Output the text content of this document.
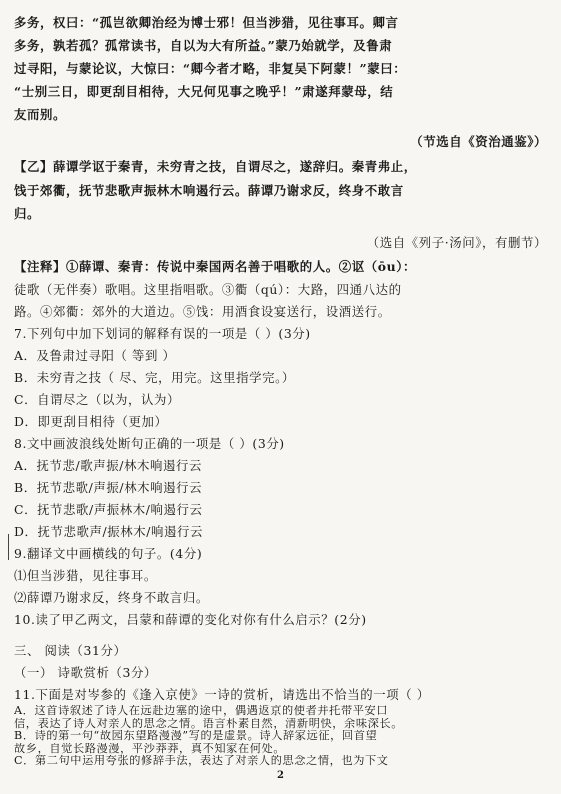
多务，权曰：“孤岂欲卿治经为博士邪！但当涉猎，见往事耳。卿言
多务，孰若孤？孤常读书，自以为大有所益。”蒙乃始就学，及鲁肃
过寻阳，与蒙论议，大惊曰：“卿今者才略，非复吴下阿蒙！”蒙曰：
“士别三日，即更刮目相待，大兄何见事之晚乎！”肃遂拜蒙母，结
友而别。
（节选自《资治通鉴》）
【乙】薛谭学讴于秦青，未穷青之技，自谓尽之，遂辞归。秦青弗止，
饯于郊衢，抚节悲歌声振林木响遏行云。薛谭乃谢求反，终身不敢言
归。
（选自《列子·汤问》，有删节）
【注释】①薛谭、秦青：传说中秦国两名善于唱歌的人。②讴（ōu）：
徒歌（无伴奏）歌唱。这里指唱歌。③衢（qú）：大路，四通八达的
路。④郊衢：郊外的大道边。⑤饯：用酒食设宴送行，设酒送行。
7.下列句中加下划词的解释有误的一项是（ ）(3分)
A．及鲁肃过寻阳（ 等到 ）
B．未穷青之技（ 尽、完，用完。这里指学完。）
C．自谓尽之（以为，认为）
D．即更刮目相待（更加）
8.文中画波浪线处断句正确的一项是（ ）(3分)
A．抚节悲/歌声振/林木响遏行云
B．抚节悲歌/声振/林木响遏行云
C．抚节悲歌/声振林木/响遏行云
D．抚节悲歌声/振林木/响遏行云
9.翻译文中画横线的句子。(4分)
⑴但当涉猎，见往事耳。
⑵薛谭乃谢求反，终身不敢言归。
10.读了甲乙两文，吕蒙和薛谭的变化对你有什么启示？(2分)
三、 阅读（31分）
（一） 诗歌赏析（3分）
11.下面是对岑参的《逢入京使》一诗的赏析，请选出不恰当的一项（ ）
A．这首诗叙述了诗人在远赴边塞的途中，偶遇返京的使者并托带平安口
信，表达了诗人对亲人的思念之情。语言朴素自然，清新明快，余味深长。
B．诗的第一句“故园东望路漫漫”写的是虚景。诗人辞家远征，回首望
故乡，自觉长路漫漫，平沙莽莽，真不知家在何处。
C．第二句中运用夸张的修辞手法，表达了对亲人的思念之情，也为下文
2
